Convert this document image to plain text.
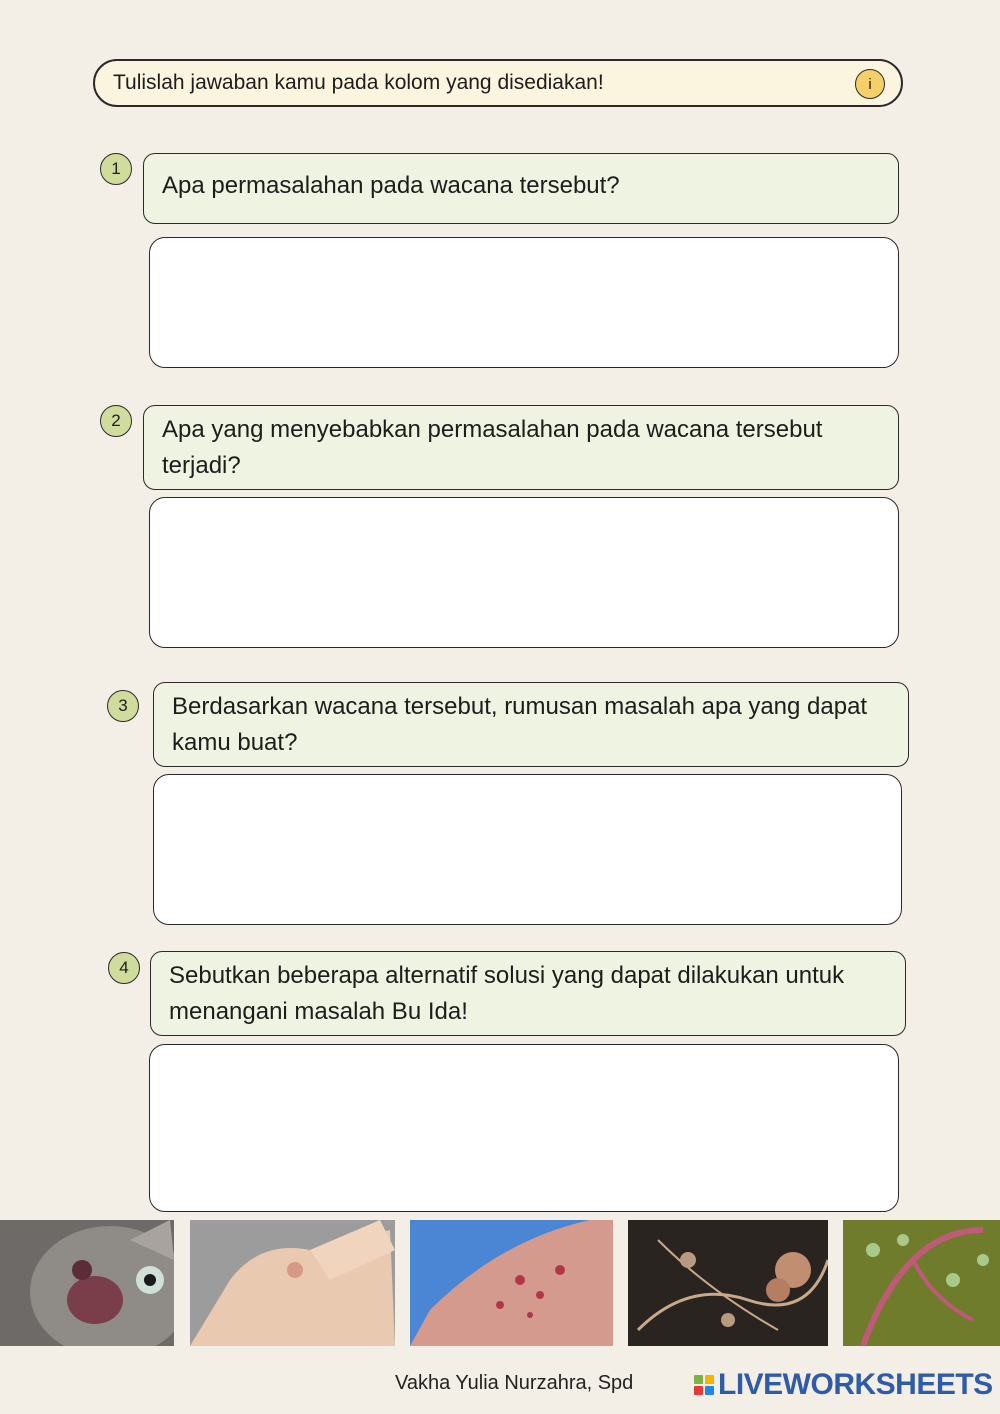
Tulislah jawaban kamu pada kolom yang disediakan!	i
1
Apa permasalahan pada wacana tersebut?
2	Apa yang menyebabkan permasalahan pada wacana tersebut terjadi?
3	Berdasarkan wacana tersebut, rumusan masalah apa yang dapat kamu buat?
4	Sebutkan beberapa alternatif solusi yang dapat dilakukan untuk menangani masalah Bu Ida!
Vakha Yulia Nurzahra, Spd	LIVEWORKSHEETS
